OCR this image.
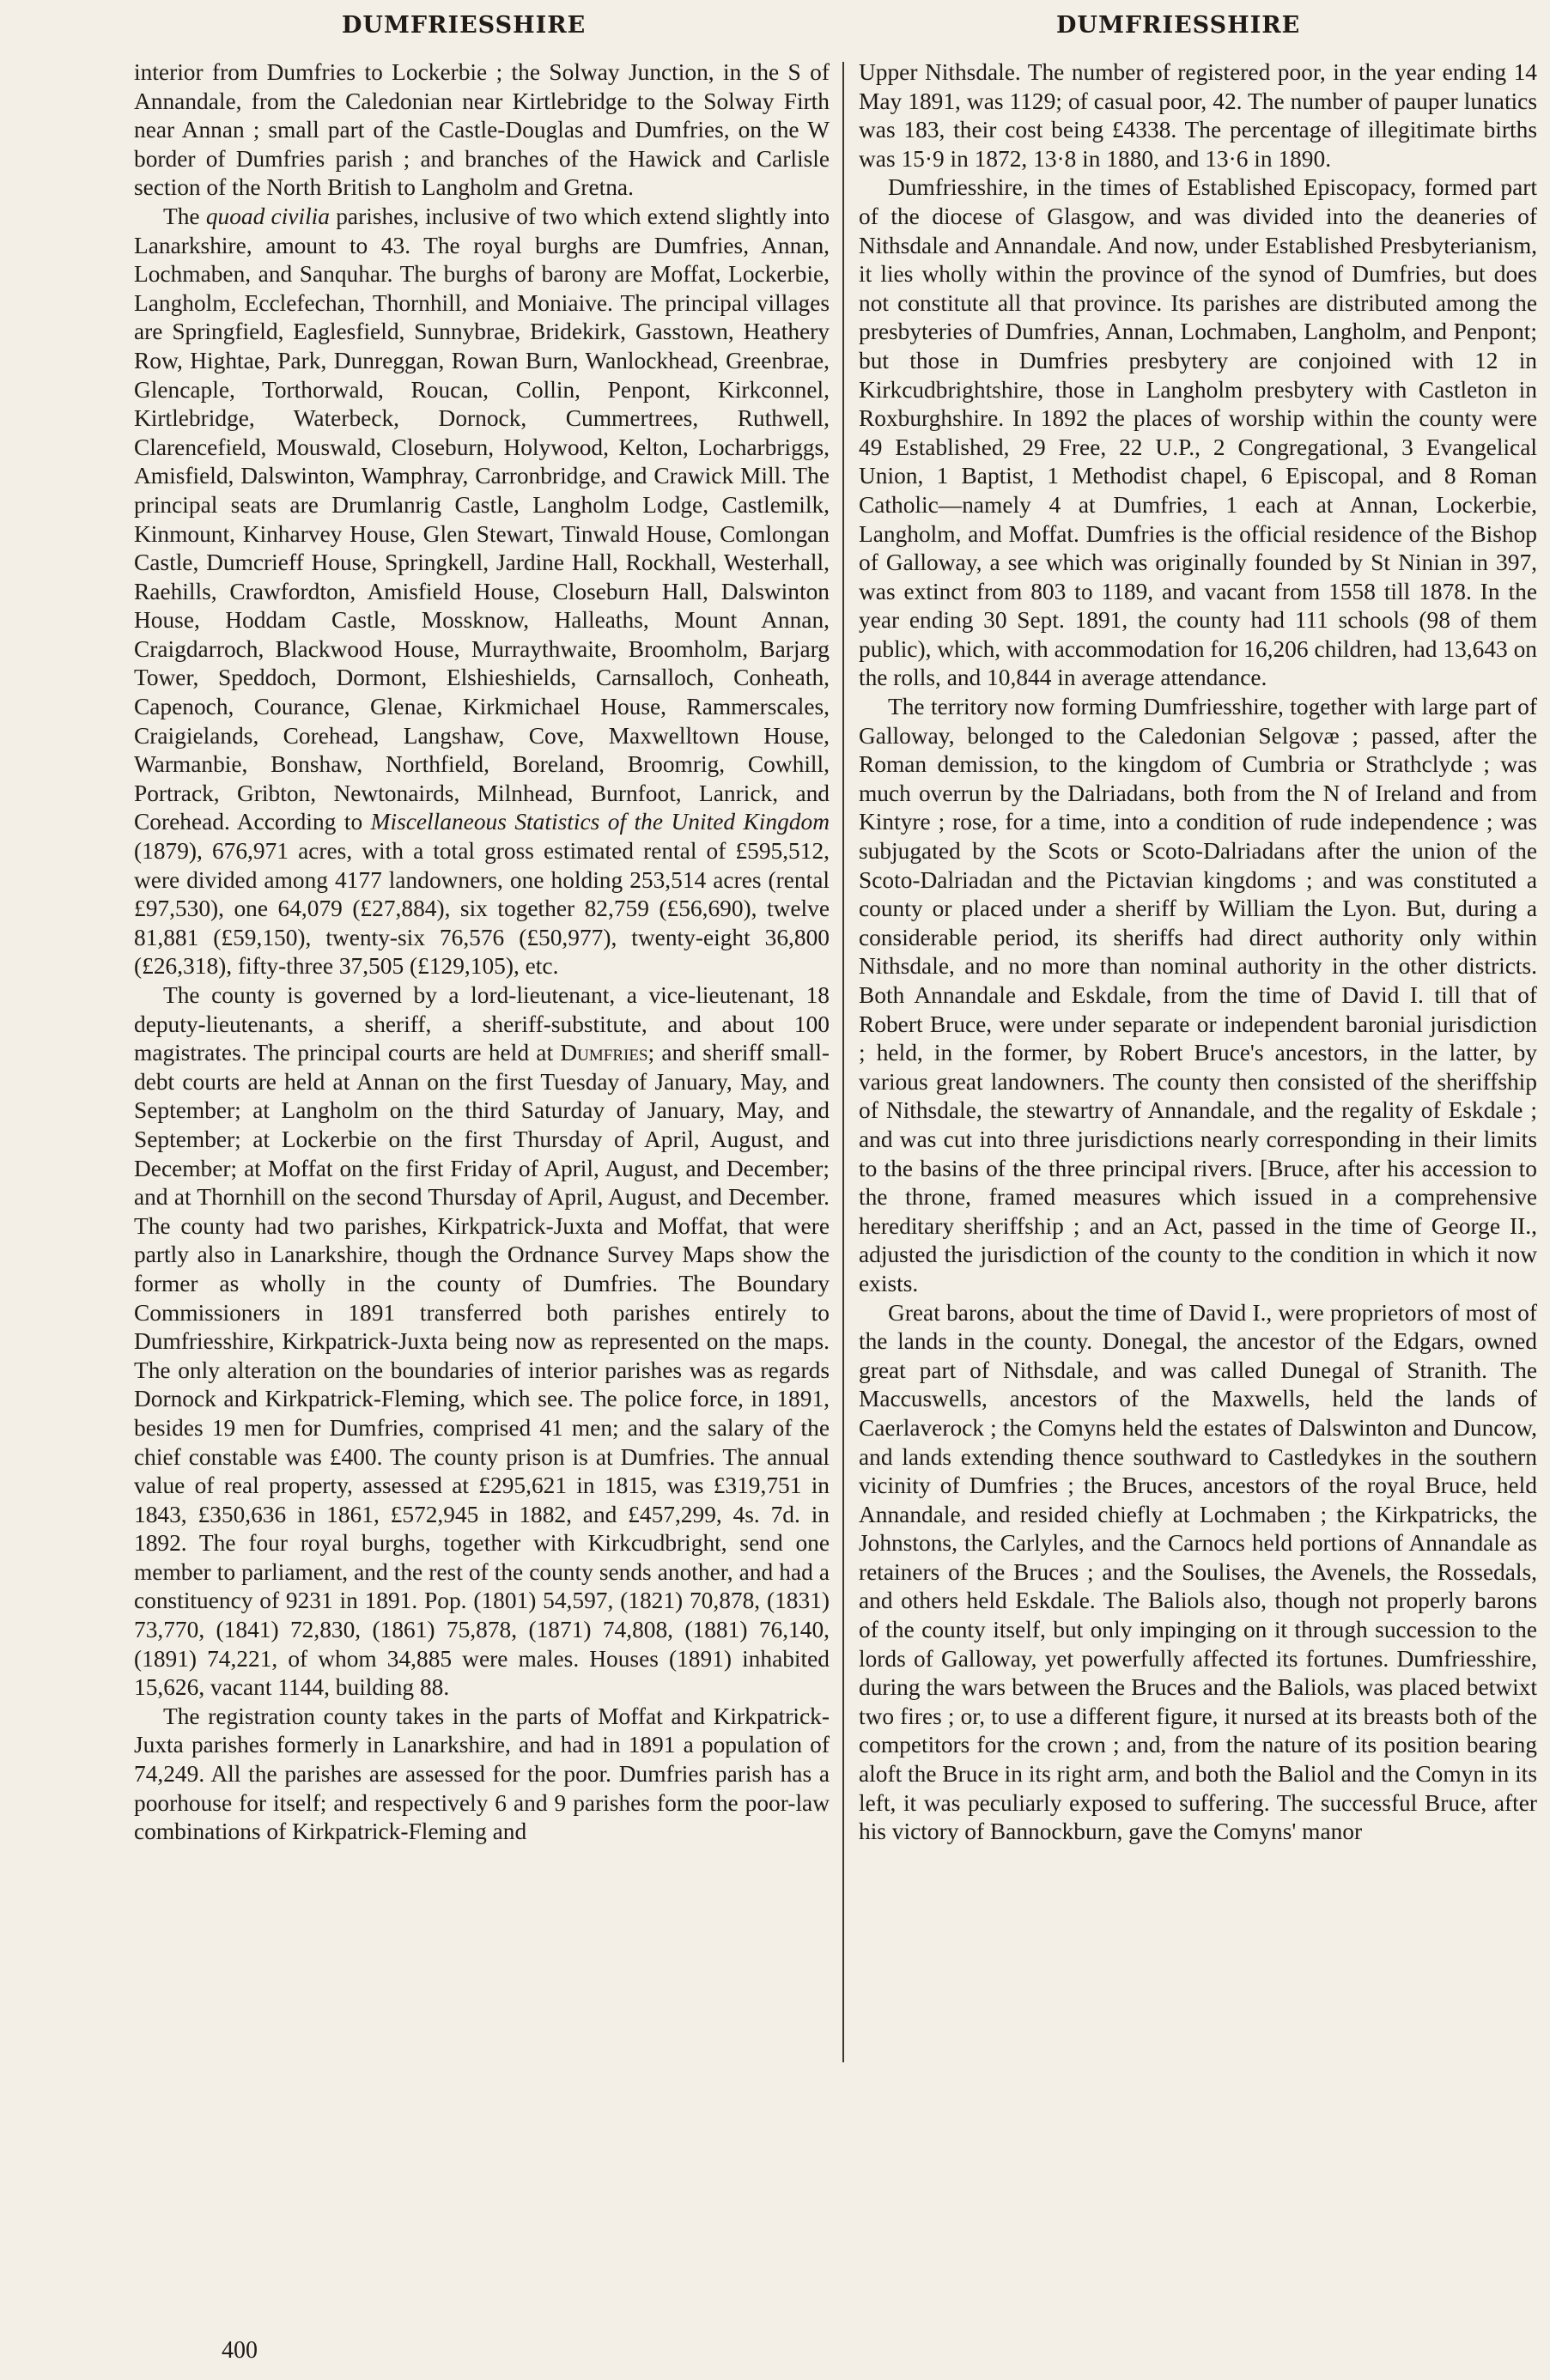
DUMFRIESSHIRE	DUMFRIESSHIRE

interior from Dumfries to Lockerbie ; the Solway Junction, in the S of Annandale, from the Caledonian near Kirtlebridge to the Solway Firth near Annan ; small part of the Castle-Douglas and Dumfries, on the W border of Dumfries parish ; and branches of the Hawick and Carlisle section of the North British to Langholm and Gretna.

The quoad civilia parishes, inclusive of two which extend slightly into Lanarkshire, amount to 43. The royal burghs are Dumfries, Annan, Lochmaben, and Sanquhar. The burghs of barony are Moffat, Lockerbie, Langholm, Ecclefechan, Thornhill, and Moniaive. The principal villages are Springfield, Eaglesfield, Sunnybrae, Bridekirk, Gasstown, Heathery Row, Hightae, Park, Dunreggan, Rowan Burn, Wanlockhead, Greenbrae, Glencaple, Torthorwald, Roucan, Collin, Penpont, Kirkconnel, Kirtlebridge, Waterbeck, Dornock, Cummertrees, Ruthwell, Clarencefield, Mouswald, Closeburn, Holywood, Kelton, Locharbriggs, Amisfield, Dalswinton, Wamphray, Carronbridge, and Crawick Mill. The principal seats are Drumlanrig Castle, Langholm Lodge, Castlemilk, Kinmount, Kinharvey House, Glen Stewart, Tinwald House, Comlongan Castle, Dumcrieff House, Springkell, Jardine Hall, Rockhall, Westerhall, Raehills, Crawfordton, Amisfield House, Closeburn Hall, Dalswinton House, Hoddam Castle, Mossknow, Halleaths, Mount Annan, Craigdarroch, Blackwood House, Murraythwaite, Broomholm, Barjarg Tower, Speddoch, Dormont, Elshieshields, Carnsalloch, Conheath, Capenoch, Courance, Glenae, Kirkmichael House, Rammerscales, Craigielands, Corehead, Langshaw, Cove, Maxwelltown House, Warmanbie, Bonshaw, Northfield, Boreland, Broomrig, Cowhill, Portrack, Gribton, Newtonairds, Milnhead, Burnfoot, Lanrick, and Corehead. According to Miscellaneous Statistics of the United Kingdom (1879), 676,971 acres, with a total gross estimated rental of £595,512, were divided among 4177 landowners, one holding 253,514 acres (rental £97,530), one 64,079 (£27,884), six together 82,759 (£56,690), twelve 81,881 (£59,150), twenty-six 76,576 (£50,977), twenty-eight 36,800 (£26,318), fifty-three 37,505 (£129,105), etc.

The county is governed by a lord-lieutenant, a vice-lieutenant, 18 deputy-lieutenants, a sheriff, a sheriff-substitute, and about 100 magistrates. The principal courts are held at Dumfries; and sheriff small-debt courts are held at Annan on the first Tuesday of January, May, and September; at Langholm on the third Saturday of January, May, and September; at Lockerbie on the first Thursday of April, August, and December; at Moffat on the first Friday of April, August, and December; and at Thornhill on the second Thursday of April, August, and December. The county had two parishes, Kirkpatrick-Juxta and Moffat, that were partly also in Lanarkshire, though the Ordnance Survey Maps show the former as wholly in the county of Dumfries. The Boundary Commissioners in 1891 transferred both parishes entirely to Dumfriesshire, Kirkpatrick-Juxta being now as represented on the maps. The only alteration on the boundaries of interior parishes was as regards Dornock and Kirkpatrick-Fleming, which see. The police force, in 1891, besides 19 men for Dumfries, comprised 41 men; and the salary of the chief constable was £400. The county prison is at Dumfries. The annual value of real property, assessed at £295,621 in 1815, was £319,751 in 1843, £350,636 in 1861, £572,945 in 1882, and £457,299, 4s. 7d. in 1892. The four royal burghs, together with Kirkcudbright, send one member to parliament, and the rest of the county sends another, and had a constituency of 9231 in 1891. Pop. (1801) 54,597, (1821) 70,878, (1831) 73,770, (1841) 72,830, (1861) 75,878, (1871) 74,808, (1881) 76,140, (1891) 74,221, of whom 34,885 were males. Houses (1891) inhabited 15,626, vacant 1144, building 88.

The registration county takes in the parts of Moffat and Kirkpatrick-Juxta parishes formerly in Lanarkshire, and had in 1891 a population of 74,249. All the parishes are assessed for the poor. Dumfries parish has a poorhouse for itself; and respectively 6 and 9 parishes form the poor-law combinations of Kirkpatrick-Fleming and

Upper Nithsdale. The number of registered poor, in the year ending 14 May 1891, was 1129; of casual poor, 42. The number of pauper lunatics was 183, their cost being £4338. The percentage of illegitimate births was 15·9 in 1872, 13·8 in 1880, and 13·6 in 1890.

Dumfriesshire, in the times of Established Episcopacy, formed part of the diocese of Glasgow, and was divided into the deaneries of Nithsdale and Annandale. And now, under Established Presbyterianism, it lies wholly within the province of the synod of Dumfries, but does not constitute all that province. Its parishes are distributed among the presbyteries of Dumfries, Annan, Lochmaben, Langholm, and Penpont; but those in Dumfries presbytery are conjoined with 12 in Kirkcudbrightshire, those in Langholm presbytery with Castleton in Roxburghshire. In 1892 the places of worship within the county were 49 Established, 29 Free, 22 U.P., 2 Congregational, 3 Evangelical Union, 1 Baptist, 1 Methodist chapel, 6 Episcopal, and 8 Roman Catholic—namely 4 at Dumfries, 1 each at Annan, Lockerbie, Langholm, and Moffat. Dumfries is the official residence of the Bishop of Galloway, a see which was originally founded by St Ninian in 397, was extinct from 803 to 1189, and vacant from 1558 till 1878. In the year ending 30 Sept. 1891, the county had 111 schools (98 of them public), which, with accommodation for 16,206 children, had 13,643 on the rolls, and 10,844 in average attendance.

The territory now forming Dumfriesshire, together with large part of Galloway, belonged to the Caledonian Selgovæ ; passed, after the Roman demission, to the kingdom of Cumbria or Strathclyde ; was much overrun by the Dalriadans, both from the N of Ireland and from Kintyre ; rose, for a time, into a condition of rude independence ; was subjugated by the Scots or Scoto-Dalriadans after the union of the Scoto-Dalriadan and the Pictavian kingdoms ; and was constituted a county or placed under a sheriff by William the Lyon. But, during a considerable period, its sheriffs had direct authority only within Nithsdale, and no more than nominal authority in the other districts. Both Annandale and Eskdale, from the time of David I. till that of Robert Bruce, were under separate or independent baronial jurisdiction ; held, in the former, by Robert Bruce's ancestors, in the latter, by various great landowners. The county then consisted of the sheriffship of Nithsdale, the stewartry of Annandale, and the regality of Eskdale ; and was cut into three jurisdictions nearly corresponding in their limits to the basins of the three principal rivers. [Bruce, after his accession to the throne, framed measures which issued in a comprehensive hereditary sheriffship ; and an Act, passed in the time of George II., adjusted the jurisdiction of the county to the condition in which it now exists.

Great barons, about the time of David I., were proprietors of most of the lands in the county. Donegal, the ancestor of the Edgars, owned great part of Nithsdale, and was called Dunegal of Stranith. The Maccuswells, ancestors of the Maxwells, held the lands of Caerlaverock ; the Comyns held the estates of Dalswinton and Duncow, and lands extending thence southward to Castledykes in the southern vicinity of Dumfries ; the Bruces, ancestors of the royal Bruce, held Annandale, and resided chiefly at Lochmaben ; the Kirkpatricks, the Johnstons, the Carlyles, and the Carnocs held portions of Annandale as retainers of the Bruces ; and the Soulises, the Avenels, the Rossedals, and others held Eskdale. The Baliols also, though not properly barons of the county itself, but only impinging on it through succession to the lords of Galloway, yet powerfully affected its fortunes. Dumfriesshire, during the wars between the Bruces and the Baliols, was placed betwixt two fires ; or, to use a different figure, it nursed at its breasts both of the competitors for the crown ; and, from the nature of its position bearing aloft the Bruce in its right arm, and both the Baliol and the Comyn in its left, it was peculiarly exposed to suffering. The successful Bruce, after his victory of Bannockburn, gave the Comyns' manor

400
